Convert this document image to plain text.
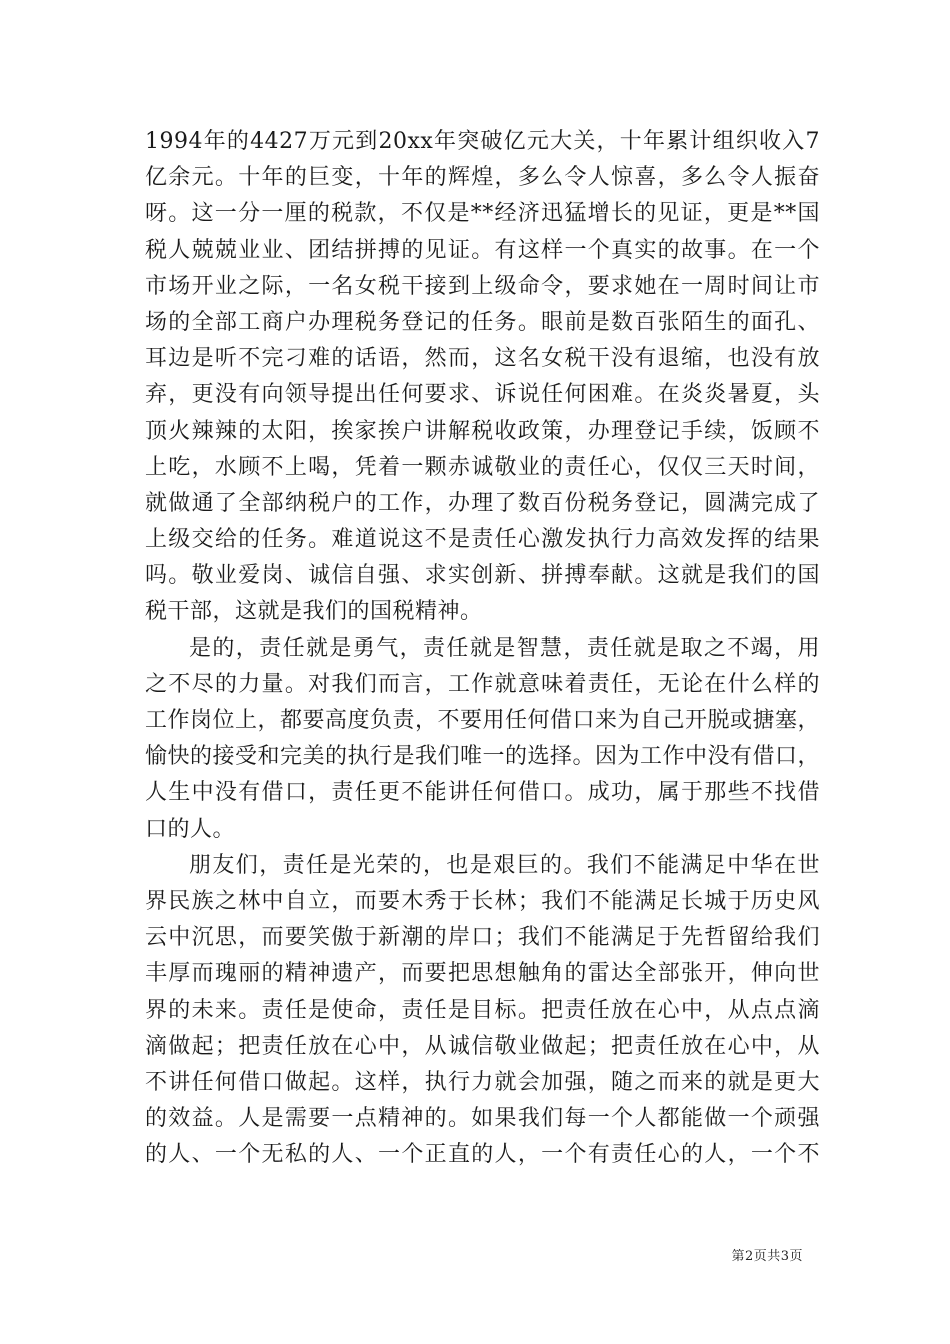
1994年的4427万元到20xx年突破亿元大关，十年累计组织收入7
亿余元。十年的巨变，十年的辉煌，多么令人惊喜，多么令人振奋
呀。这一分一厘的税款，不仅是**经济迅猛增长的见证，更是**国
税人兢兢业业、团结拼搏的见证。有这样一个真实的故事。在一个
市场开业之际，一名女税干接到上级命令，要求她在一周时间让市
场的全部工商户办理税务登记的任务。眼前是数百张陌生的面孔、
耳边是听不完刁难的话语，然而，这名女税干没有退缩，也没有放
弃，更没有向领导提出任何要求、诉说任何困难。在炎炎暑夏，头
顶火辣辣的太阳，挨家挨户讲解税收政策，办理登记手续，饭顾不
上吃，水顾不上喝，凭着一颗赤诚敬业的责任心，仅仅三天时间，
就做通了全部纳税户的工作，办理了数百份税务登记，圆满完成了
上级交给的任务。难道说这不是责任心激发执行力高效发挥的结果
吗。敬业爱岗、诚信自强、求实创新、拼搏奉献。这就是我们的国
税干部，这就是我们的国税精神。
是的，责任就是勇气，责任就是智慧，责任就是取之不竭，用
之不尽的力量。对我们而言，工作就意味着责任，无论在什么样的
工作岗位上，都要高度负责，不要用任何借口来为自己开脱或搪塞，
愉快的接受和完美的执行是我们唯一的选择。因为工作中没有借口，
人生中没有借口，责任更不能讲任何借口。成功，属于那些不找借
口的人。
朋友们，责任是光荣的，也是艰巨的。我们不能满足中华在世
界民族之林中自立，而要木秀于长林；我们不能满足长城于历史风
云中沉思，而要笑傲于新潮的岸口；我们不能满足于先哲留给我们
丰厚而瑰丽的精神遗产，而要把思想触角的雷达全部张开，伸向世
界的未来。责任是使命，责任是目标。把责任放在心中，从点点滴
滴做起；把责任放在心中，从诚信敬业做起；把责任放在心中，从
不讲任何借口做起。这样，执行力就会加强，随之而来的就是更大
的效益。人是需要一点精神的。如果我们每一个人都能做一个顽强
的人、一个无私的人、一个正直的人，一个有责任心的人，一个不
第2页共3页
